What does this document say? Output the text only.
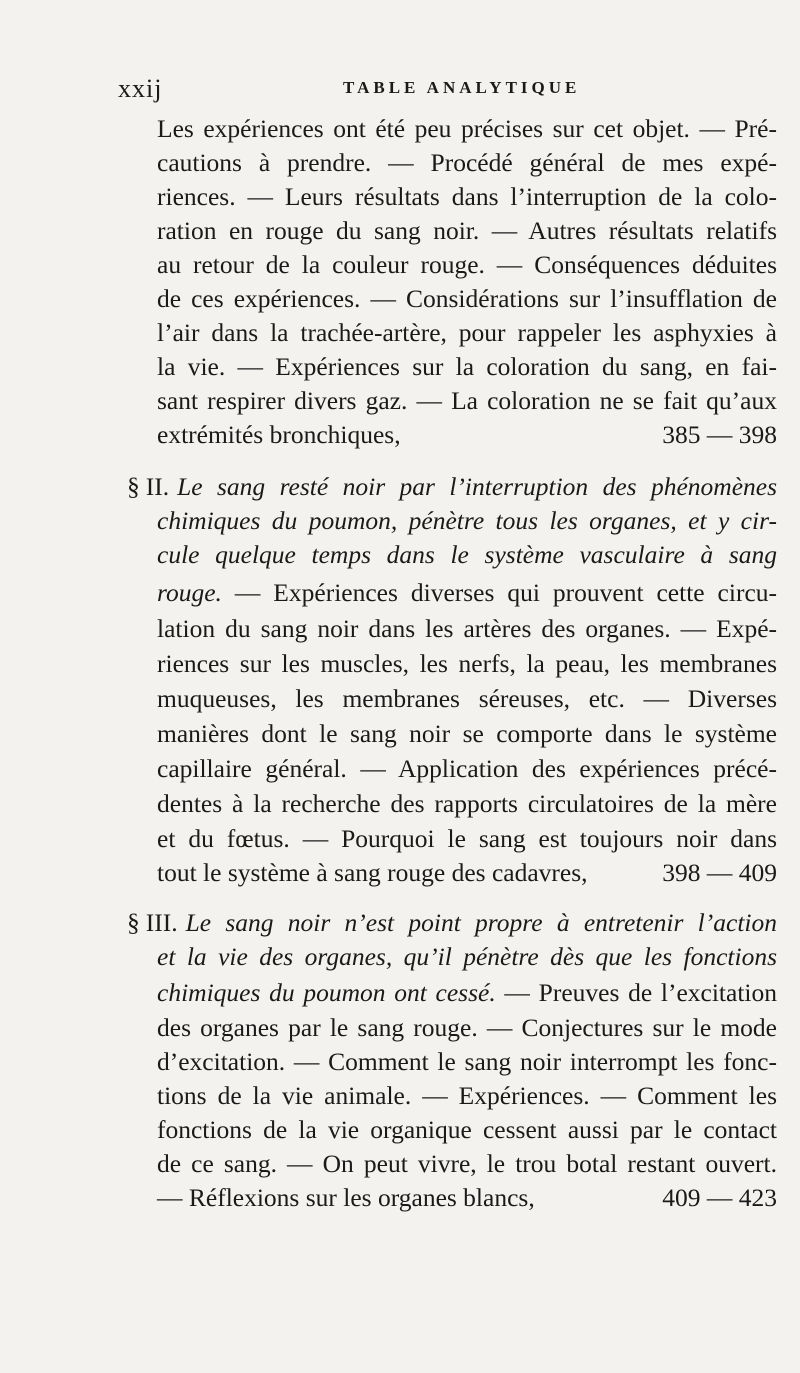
xxij	TABLE ANALYTIQUE
Les expériences ont été peu précises sur cet objet. — Pré-
cautions à prendre. — Procédé général de mes expé-
riences. — Leurs résultats dans l’interruption de la colo-
ration en rouge du sang noir. — Autres résultats relatifs
au retour de la couleur rouge. — Conséquences déduites
de ces expériences. — Considérations sur l’insufflation de
l’air dans la trachée-artère, pour rappeler les asphyxies à
la vie. — Expériences sur la coloration du sang, en fai-
sant respirer divers gaz. — La coloration ne se fait qu’aux
extrémités bronchiques,	385 — 398
§ II. Le sang resté noir par l’interruption des phénomènes
chimiques du poumon, pénètre tous les organes, et y cir-
cule quelque temps dans le système vasculaire à sang
rouge. — Expériences diverses qui prouvent cette circu-
lation du sang noir dans les artères des organes. — Expé-
riences sur les muscles, les nerfs, la peau, les membranes
muqueuses, les membranes séreuses, etc. — Diverses
manières dont le sang noir se comporte dans le système
capillaire général. — Application des expériences précé-
dentes à la recherche des rapports circulatoires de la mère
et du fœtus. — Pourquoi le sang est toujours noir dans
tout le système à sang rouge des cadavres,	398 — 409
§ III. Le sang noir n’est point propre à entretenir l’action
et la vie des organes, qu’il pénètre dès que les fonctions
chimiques du poumon ont cessé. — Preuves de l’excitation
des organes par le sang rouge. — Conjectures sur le mode
d’excitation. — Comment le sang noir interrompt les fonc-
tions de la vie animale. — Expériences. — Comment les
fonctions de la vie organique cessent aussi par le contact
de ce sang. — On peut vivre, le trou botal restant ouvert.
— Réflexions sur les organes blancs,	409 — 423
